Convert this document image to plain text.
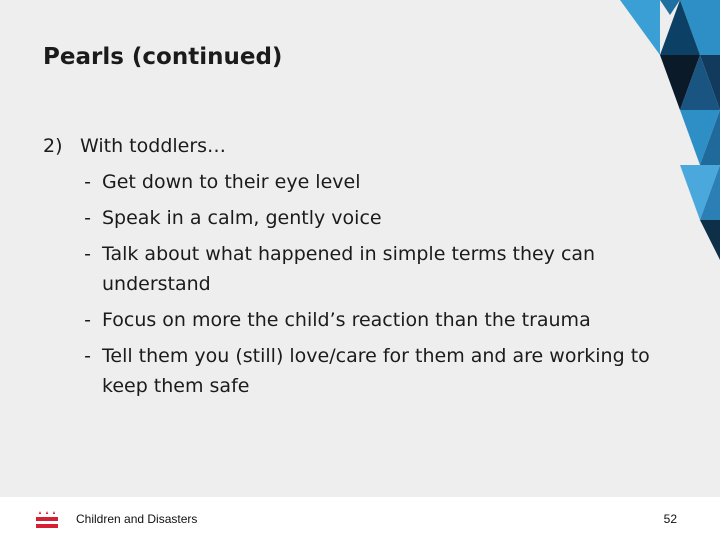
Pearls (continued)
2) With toddlers…
- Get down to their eye level
- Speak in a calm, gently voice
- Talk about what happened in simple terms they can understand
- Focus on more the child’s reaction than the trauma
- Tell them you (still) love/care for them and are working to keep them safe
Children and Disasters	52
